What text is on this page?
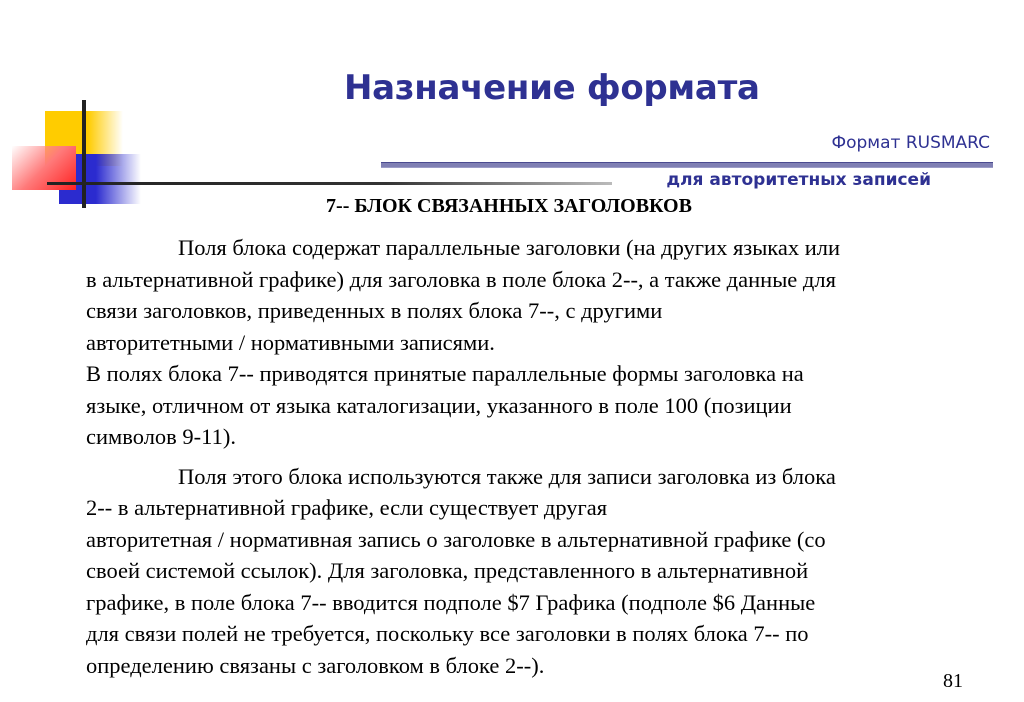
Назначение формата
Формат RUSMARC
для авторитетных записей
7-- БЛОК СВЯЗАННЫХ ЗАГОЛОВКОВ

Поля блока содержат параллельные заголовки (на других языках или
в альтернативной графике) для заголовка в поле блока 2--, а также данные для
связи заголовков, приведенных в полях блока 7--, с другими
авторитетными / нормативными записями.

В полях блока 7-- приводятся принятые параллельные формы заголовка на
языке, отличном от языка каталогизации, указанного в поле 100 (позиции
символов 9-11).

Поля этого блока используются также для записи заголовка из блока
2-- в альтернативной графике, если существует другая
авторитетная / нормативная запись о заголовке в альтернативной графике (со
своей системой ссылок). Для заголовка, представленного в альтернативной
графике, в поле блока 7-- вводится подполе $7 Графика (подполе $6 Данные
для связи полей не требуется, поскольку все заголовки в полях блока 7-- по
определению связаны с заголовком в блоке 2--).

81
